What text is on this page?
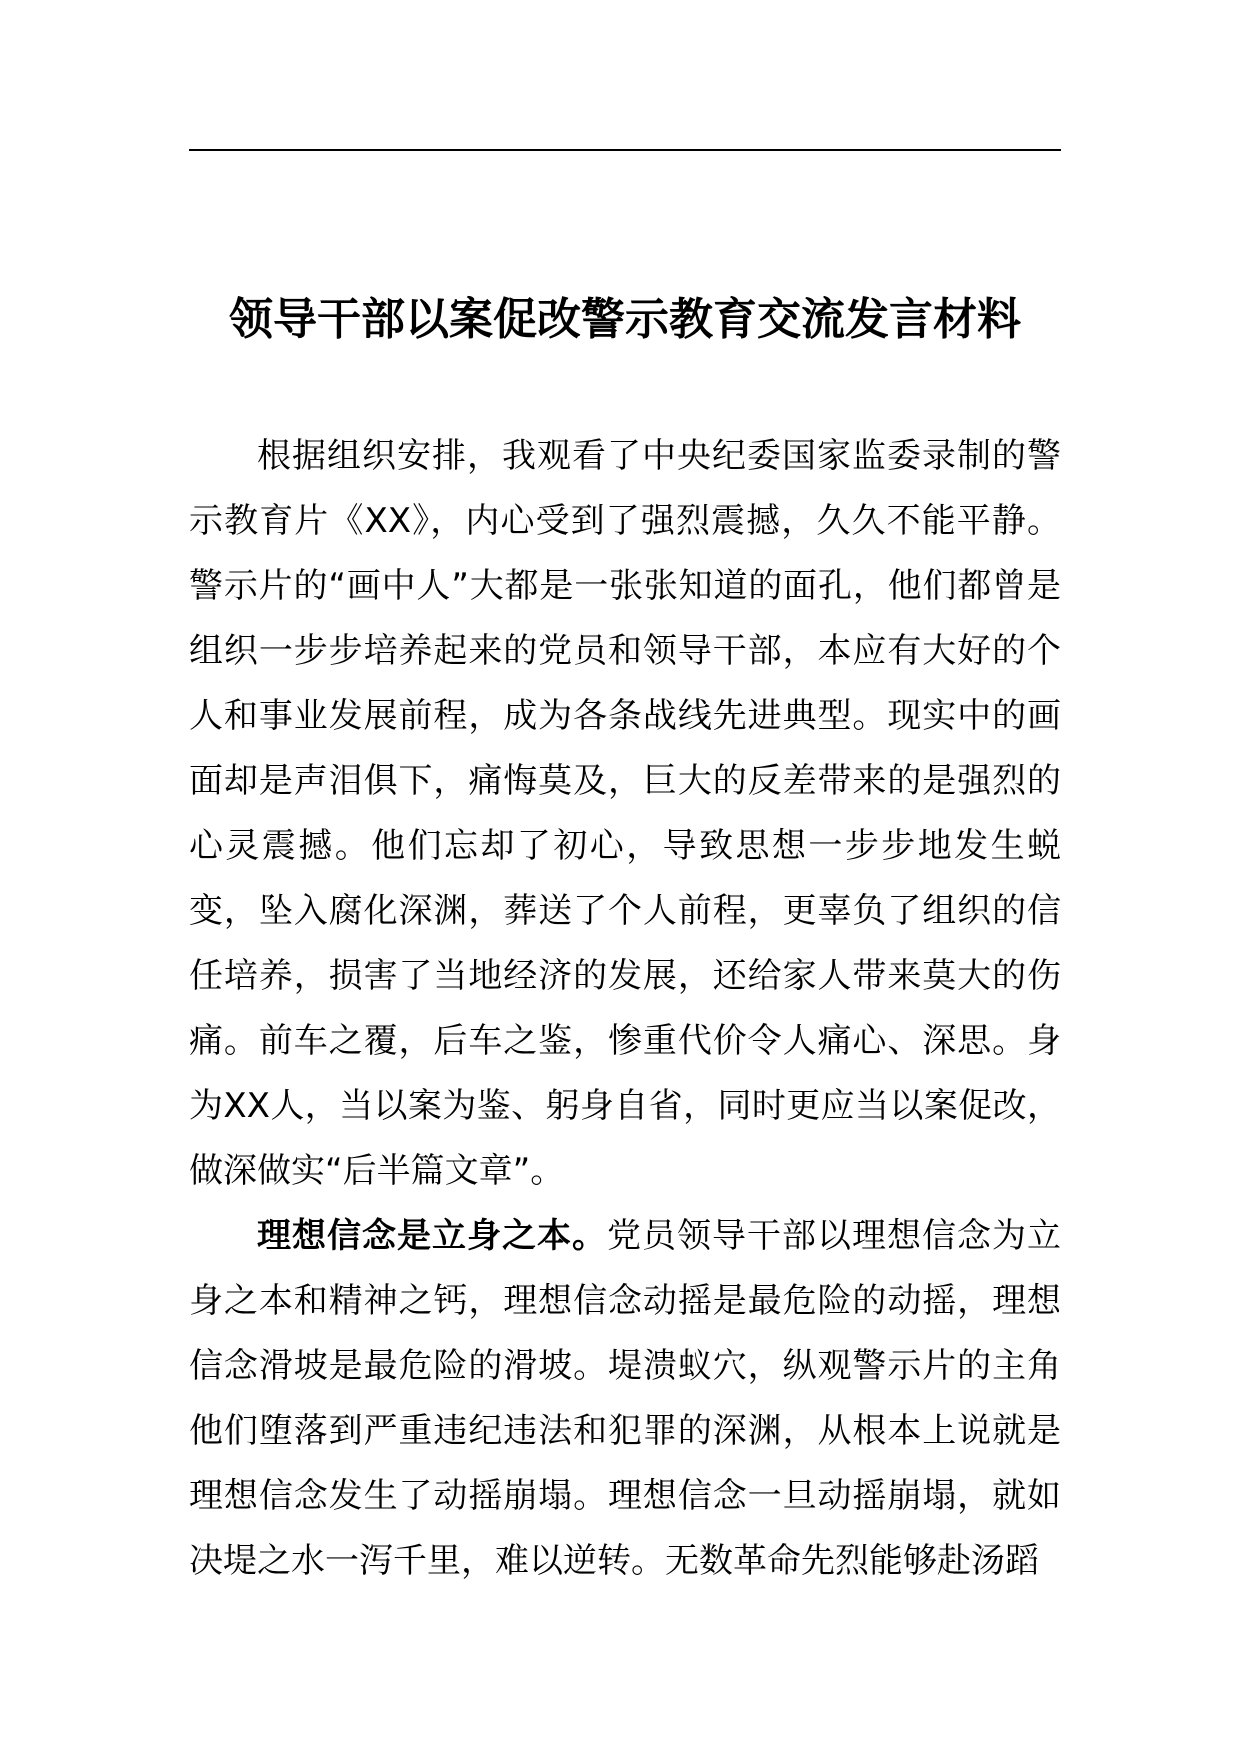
领导干部以案促改警示教育交流发言材料

根据组织安排，我观看了中央纪委国家监委录制的警示教育片《XX》，内心受到了强烈震撼，久久不能平静。警示片的“画中人”大都是一张张知道的面孔，他们都曾是组织一步步培养起来的党员和领导干部，本应有大好的个人和事业发展前程，成为各条战线先进典型。现实中的画面却是声泪俱下，痛悔莫及，巨大的反差带来的是强烈的心灵震撼。他们忘却了初心，导致思想一步步地发生蜕变，坠入腐化深渊，葬送了个人前程，更辜负了组织的信任培养，损害了当地经济的发展，还给家人带来莫大的伤痛。前车之覆，后车之鉴，惨重代价令人痛心、深思。身为XX人，当以案为鉴、躬身自省，同时更应当以案促改，做深做实“后半篇文章”。

理想信念是立身之本。党员领导干部以理想信念为立身之本和精神之钙，理想信念动摇是最危险的动摇，理想信念滑坡是最危险的滑坡。堤溃蚁穴，纵观警示片的主角他们堕落到严重违纪违法和犯罪的深渊，从根本上说就是理想信念发生了动摇崩塌。理想信念一旦动摇崩塌，就如决堤之水一泻千里，难以逆转。无数革命先烈能够赴汤蹈
